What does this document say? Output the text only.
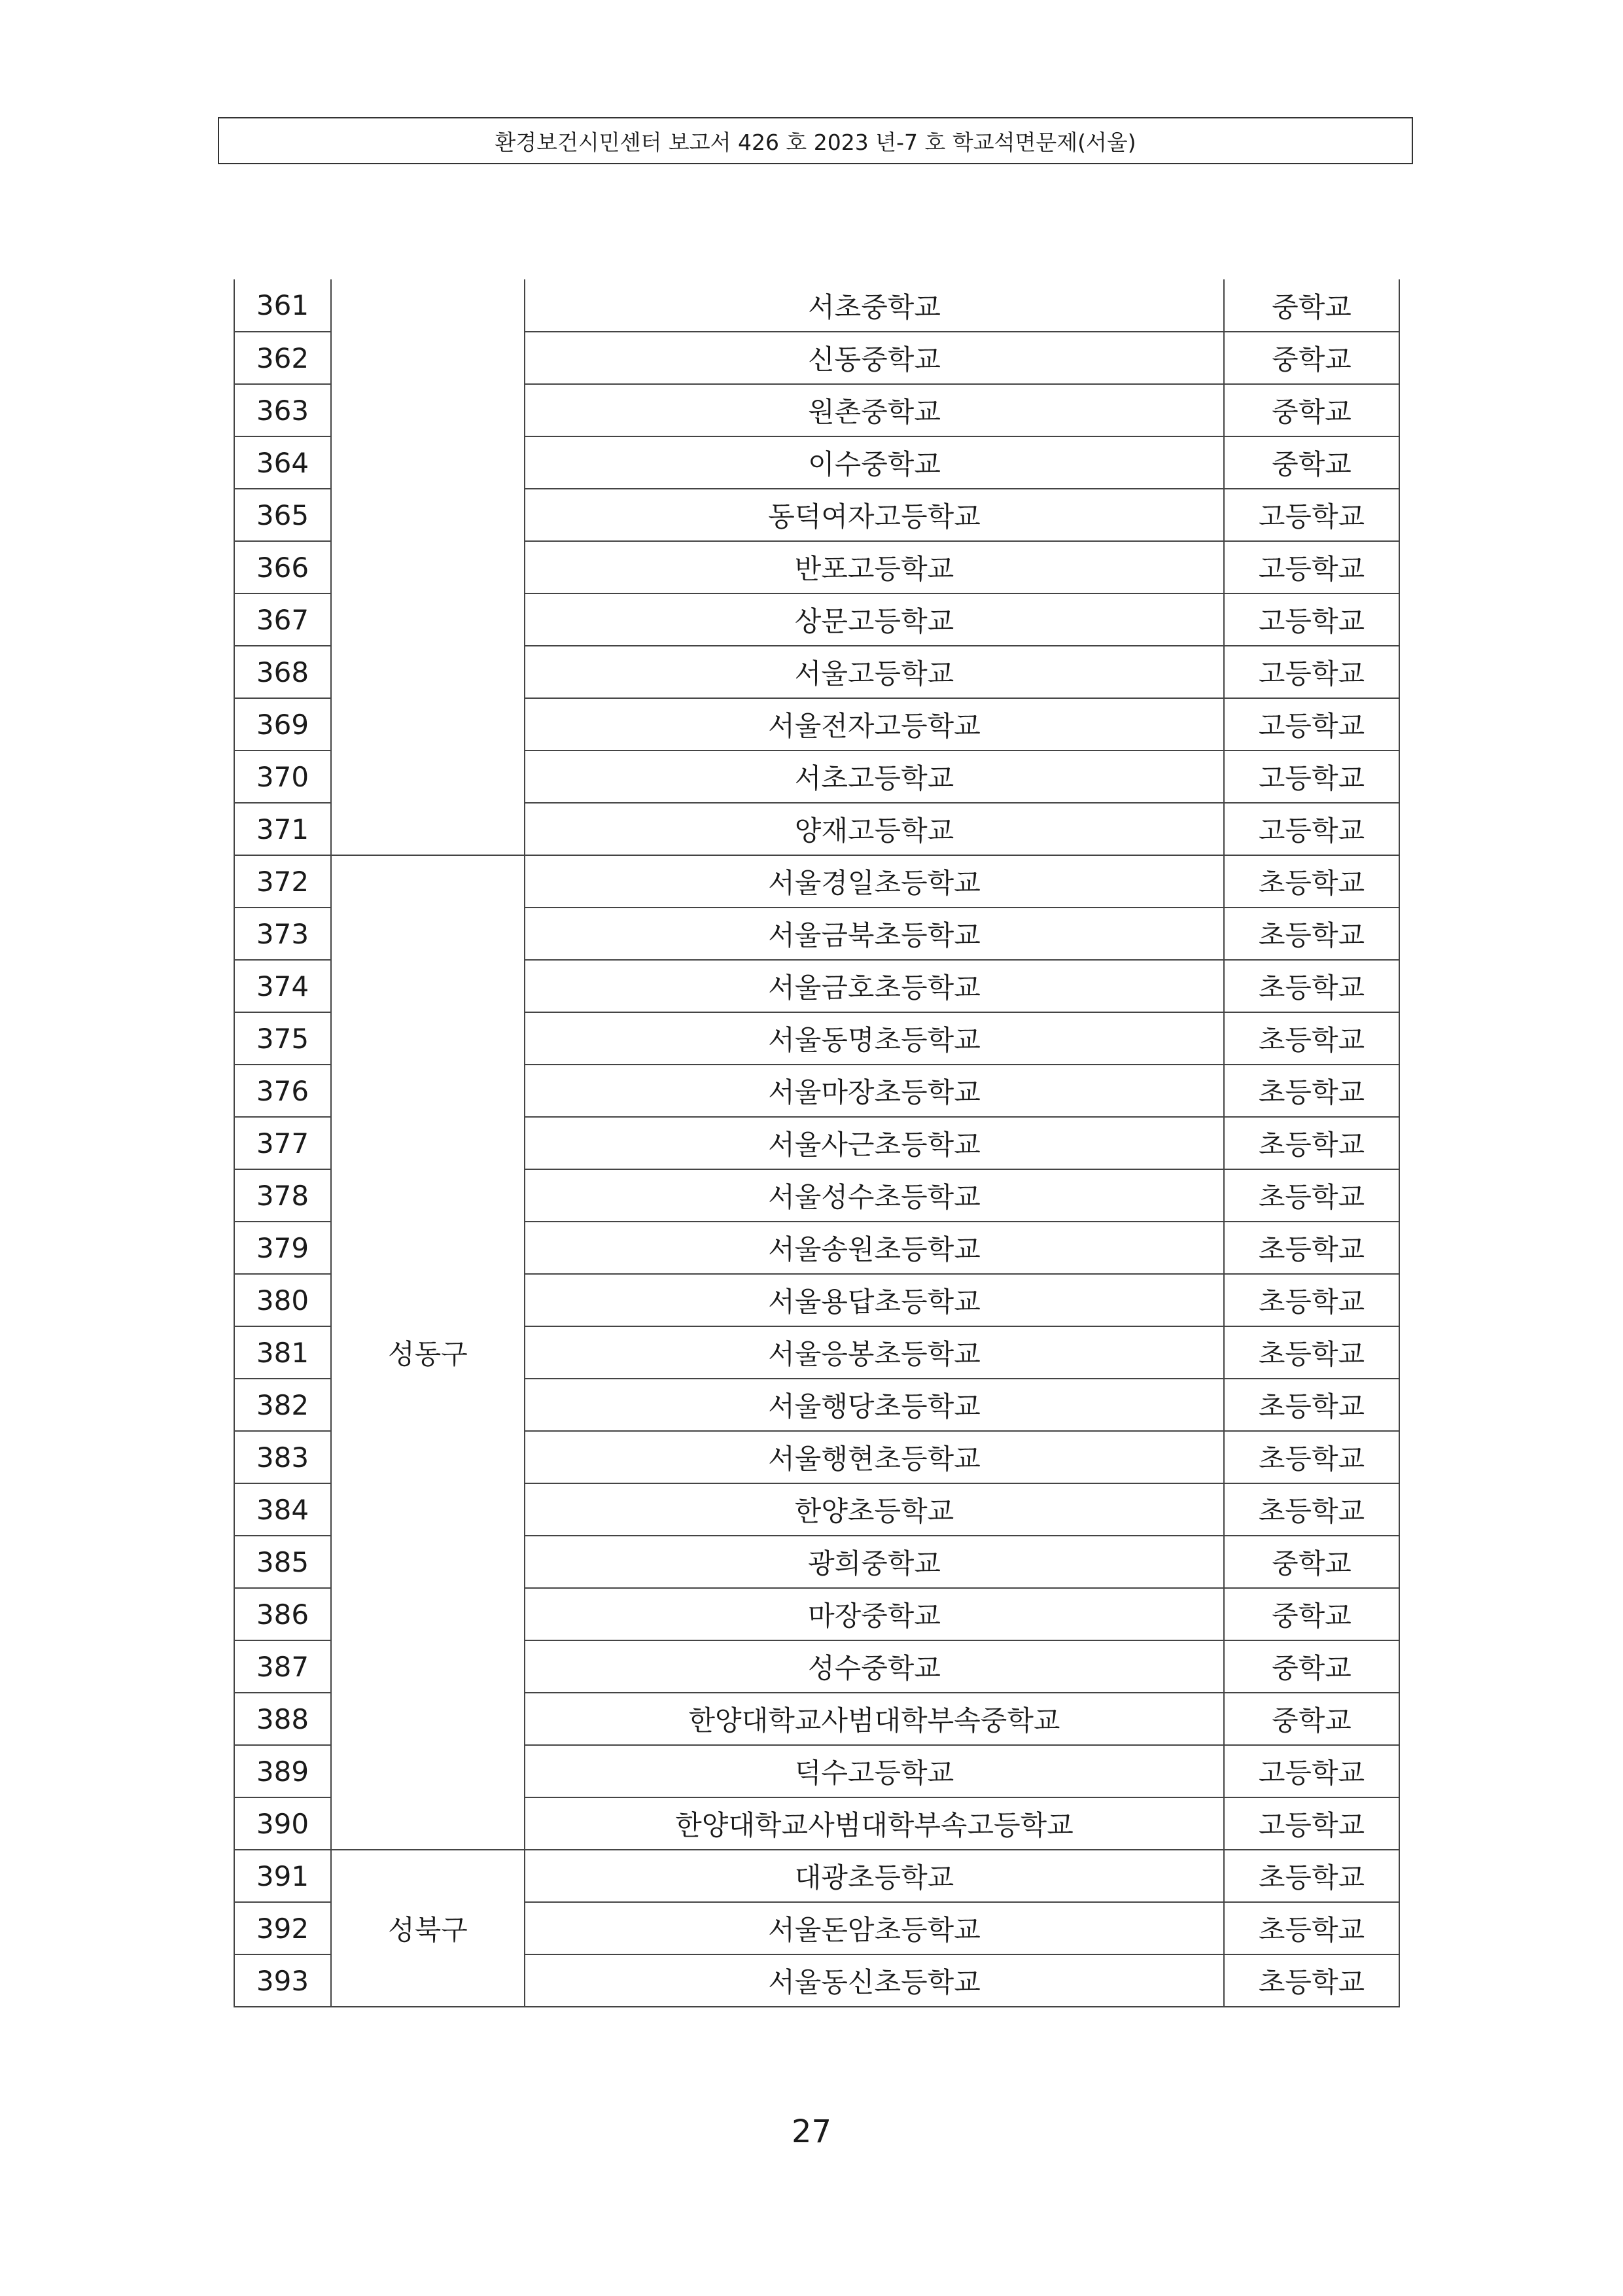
환경보건시민센터 보고서 426 호 2023 년-7 호 학교석면문제(서울)
361		서초중학교	중학교
362		신동중학교	중학교
363		원촌중학교	중학교
364		이수중학교	중학교
365		동덕여자고등학교	고등학교
366		반포고등학교	고등학교
367		상문고등학교	고등학교
368		서울고등학교	고등학교
369		서울전자고등학교	고등학교
370		서초고등학교	고등학교
371		양재고등학교	고등학교
372	성동구	서울경일초등학교	초등학교
373		서울금북초등학교	초등학교
374		서울금호초등학교	초등학교
375		서울동명초등학교	초등학교
376		서울마장초등학교	초등학교
377		서울사근초등학교	초등학교
378		서울성수초등학교	초등학교
379		서울송원초등학교	초등학교
380		서울용답초등학교	초등학교
381		서울응봉초등학교	초등학교
382		서울행당초등학교	초등학교
383		서울행현초등학교	초등학교
384		한양초등학교	초등학교
385		광희중학교	중학교
386		마장중학교	중학교
387		성수중학교	중학교
388		한양대학교사범대학부속중학교	중학교
389		덕수고등학교	고등학교
390		한양대학교사범대학부속고등학교	고등학교
391	성북구	대광초등학교	초등학교
392		서울돈암초등학교	초등학교
393		서울동신초등학교	초등학교
27
